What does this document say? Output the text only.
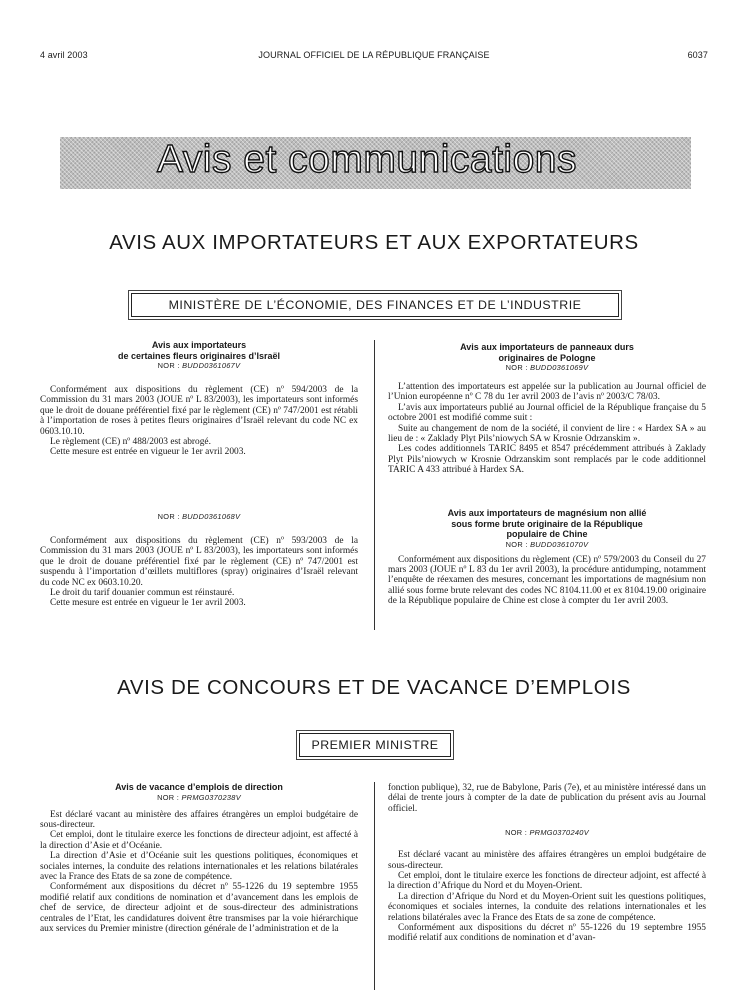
JOURNAL OFFICIEL DE LA RÉPUBLIQUE FRANÇAISE
4 avril 2003	6037
Avis et communications
AVIS AUX IMPORTATEURS ET AUX EXPORTATEURS
MINISTÈRE DE L’ÉCONOMIE, DES FINANCES ET DE L’INDUSTRIE
Avis aux importateurs
de certaines fleurs originaires d’Israël
NOR : BUDD0361067V

Conformément aux dispositions du règlement (CE) nº 594/2003 de la Commission du 31 mars 2003 (JOUE nº L 83/2003), les importateurs sont informés que le droit de douane préférentiel fixé par le règlement (CE) nº 747/2001 est rétabli à l’importation de roses à petites fleurs originaires d’Israël relevant du code NC ex 0603.10.10.

Le règlement (CE) nº 488/2003 est abrogé.

Cette mesure est entrée en vigueur le 1er avril 2003.

NOR : BUDD0361068V

Conformément aux dispositions du règlement (CE) nº 593/2003 de la Commission du 31 mars 2003 (JOUE nº L 83/2003), les importateurs sont informés que le droit de douane préférentiel fixé par le règlement (CE) nº 747/2001 est suspendu à l’importation d’œillets multiflores (spray) originaires d’Israël relevant du code NC ex 0603.10.20.

Le droit du tarif douanier commun est réinstauré.

Cette mesure est entrée en vigueur le 1er avril 2003.

Avis aux importateurs de panneaux durs
originaires de Pologne
NOR : BUDD0361069V

L’attention des importateurs est appelée sur la publication au Journal officiel de l’Union européenne nº C 78 du 1er avril 2003 de l’avis nº 2003/C 78/03.

L’avis aux importateurs publié au Journal officiel de la République française du 5 octobre 2001 est modifié comme suit :

Suite au changement de nom de la société, il convient de lire : « Hardex SA » au lieu de : « Zaklady Plyt Pils’niowych SA w Krosnie Odrzanskim ».

Les codes additionnels TARIC 8495 et 8547 précédemment attribués à Zaklady Plyt Pils’niowych w Krosnie Odrzanskim sont remplacés par le code additionnel TARIC A 433 attribué à Hardex SA.

Avis aux importateurs de magnésium non allié
sous forme brute originaire de la République
populaire de Chine
NOR : BUDD0361070V

Conformément aux dispositions du règlement (CE) nº 579/2003 du Conseil du 27 mars 2003 (JOUE nº L 83 du 1er avril 2003), la procédure antidumping, notamment l’enquête de réexamen des mesures, concernant les importations de magnésium non allié sous forme brute relevant des codes NC 8104.11.00 et ex 8104.19.00 originaire de la République populaire de Chine est close à compter du 1er avril 2003.

AVIS DE CONCOURS ET DE VACANCE D’EMPLOIS
PREMIER MINISTRE
Avis de vacance d’emplois de direction
NOR : PRMG0370238V

Est déclaré vacant au ministère des affaires étrangères un emploi budgétaire de sous-directeur.

Cet emploi, dont le titulaire exerce les fonctions de directeur adjoint, est affecté à la direction d’Asie et d’Océanie.

La direction d’Asie et d’Océanie suit les questions politiques, économiques et sociales internes, la conduite des relations internationales et les relations bilatérales avec la France des Etats de sa zone de compétence.

Conformément aux dispositions du décret nº 55-1226 du 19 septembre 1955 modifié relatif aux conditions de nomination et d’avancement dans les emplois de chef de service, de directeur adjoint et de sous-directeur des administrations centrales de l’Etat, les candidatures doivent être transmises par la voie hiérarchique aux services du Premier ministre (direction générale de l’administration et de la

fonction publique), 32, rue de Babylone, Paris (7e), et au ministère intéressé dans un délai de trente jours à compter de la date de publication du présent avis au Journal officiel.

NOR : PRMG0370240V

Est déclaré vacant au ministère des affaires étrangères un emploi budgétaire de sous-directeur.

Cet emploi, dont le titulaire exerce les fonctions de directeur adjoint, est affecté à la direction d’Afrique du Nord et du Moyen-Orient.

La direction d’Afrique du Nord et du Moyen-Orient suit les questions politiques, économiques et sociales internes, la conduite des relations internationales et les relations bilatérales avec la France des Etats de sa zone de compétence.

Conformément aux dispositions du décret nº 55-1226 du 19 septembre 1955 modifié relatif aux conditions de nomination et d’avan-
